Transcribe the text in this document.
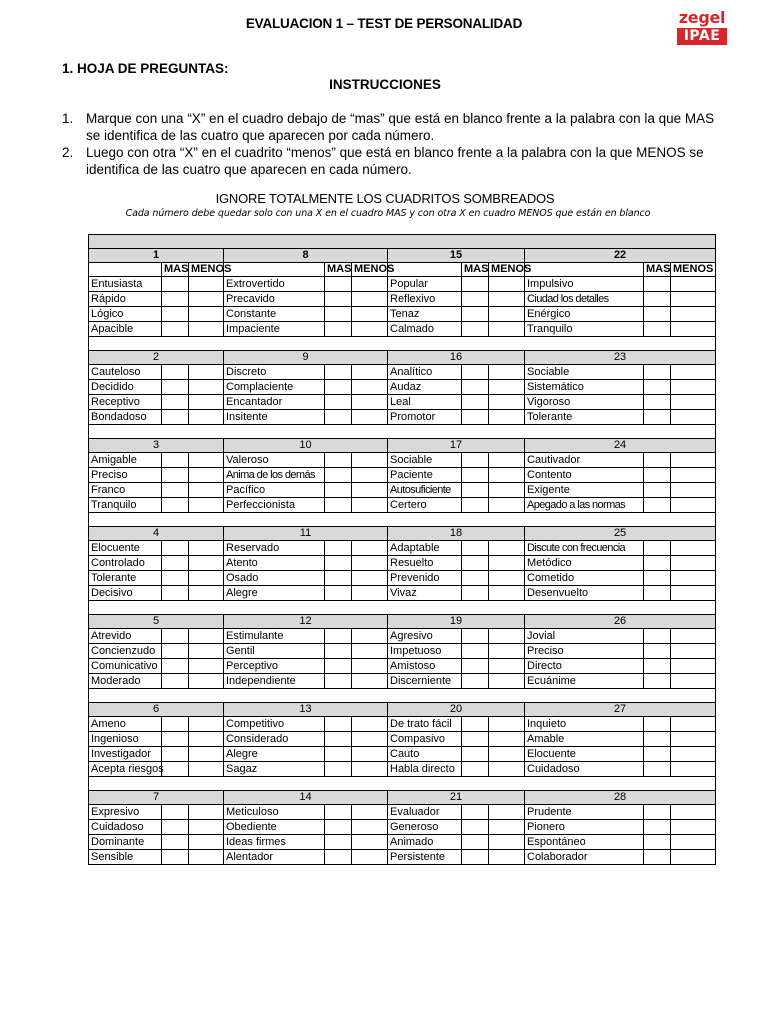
EVALUACION 1 – TEST DE PERSONALIDAD	zegel
IPAE
1. HOJA DE PREGUNTAS:
INSTRUCCIONES
1. Marque con una “X” en el cuadro debajo de “mas” que está en blanco frente a la palabra con la que MAS se identifica de las cuatro que aparecen por cada número.
2. Luego con otra “X” en el cuadrito “menos” que está en blanco frente a la palabra con la que MENOS se identifica de las cuatro que aparecen en cada número.
IGNORE TOTALMENTE LOS CUADRITOS SOMBREADOS
Cada número debe quedar solo con una X en el cuadro MAS y con otra X en cuadro MENOS que están en blanco

1			8			15			22		
	MAS	MENOS		MAS	MENOS		MAS	MENOS		MAS	MENOS
Entusiasta			Extrovertido			Popular			Impulsivo		
Rápido			Precavido			Reflexivo			Ciudad los detalles		
Lógico			Constante			Tenaz			Enérgico		
Apacible			Impaciente			Calmado			Tranquilo		

2			9			16			23		
Cauteloso			Discreto			Analítico			Sociable		
Decidido			Complaciente			Audaz			Sistemático		
Receptivo			Encantador			Leal			Vigoroso		
Bondadoso			Insitente			Promotor			Tolerante		

3			10			17			24		
Amigable			Valeroso			Sociable			Cautivador		
Preciso			Anima de los demás			Paciente			Contento		
Franco			Pacífico			Autosuficiente			Exigente		
Tranquilo			Perfeccionista			Certero			Apegado a las normas		

4			11			18			25		
Elocuente			Reservado			Adaptable			Discute con frecuencia		
Controlado			Atento			Resuelto			Metódico		
Tolerante			Osado			Prevenido			Cometido		
Decisivo			Alegre			Vivaz			Desenvuelto		

5			12			19			26		
Atrevido			Estimulante			Agresivo			Jovial		
Concienzudo			Gentil			Impetuoso			Preciso		
Comunicativo			Perceptivo			Amistoso			Directo		
Moderado			Independiente			Discerniente			Ecuánime		

6			13			20			27		
Ameno			Competitivo			De trato fácil			Inquieto		
Ingenioso			Considerado			Compasivo			Amable		
Investigador			Alegre			Cauto			Elocuente		
Acepta riesgos			Sagaz			Habla directo			Cuidadoso		

7			14			21			28		
Expresivo			Meticuloso			Evaluador			Prudente		
Cuidadoso			Obediente			Generoso			Pionero		
Dominante			Ideas firmes			Animado			Espontáneo		
Sensible			Alentador			Persistente			Colaborador		
